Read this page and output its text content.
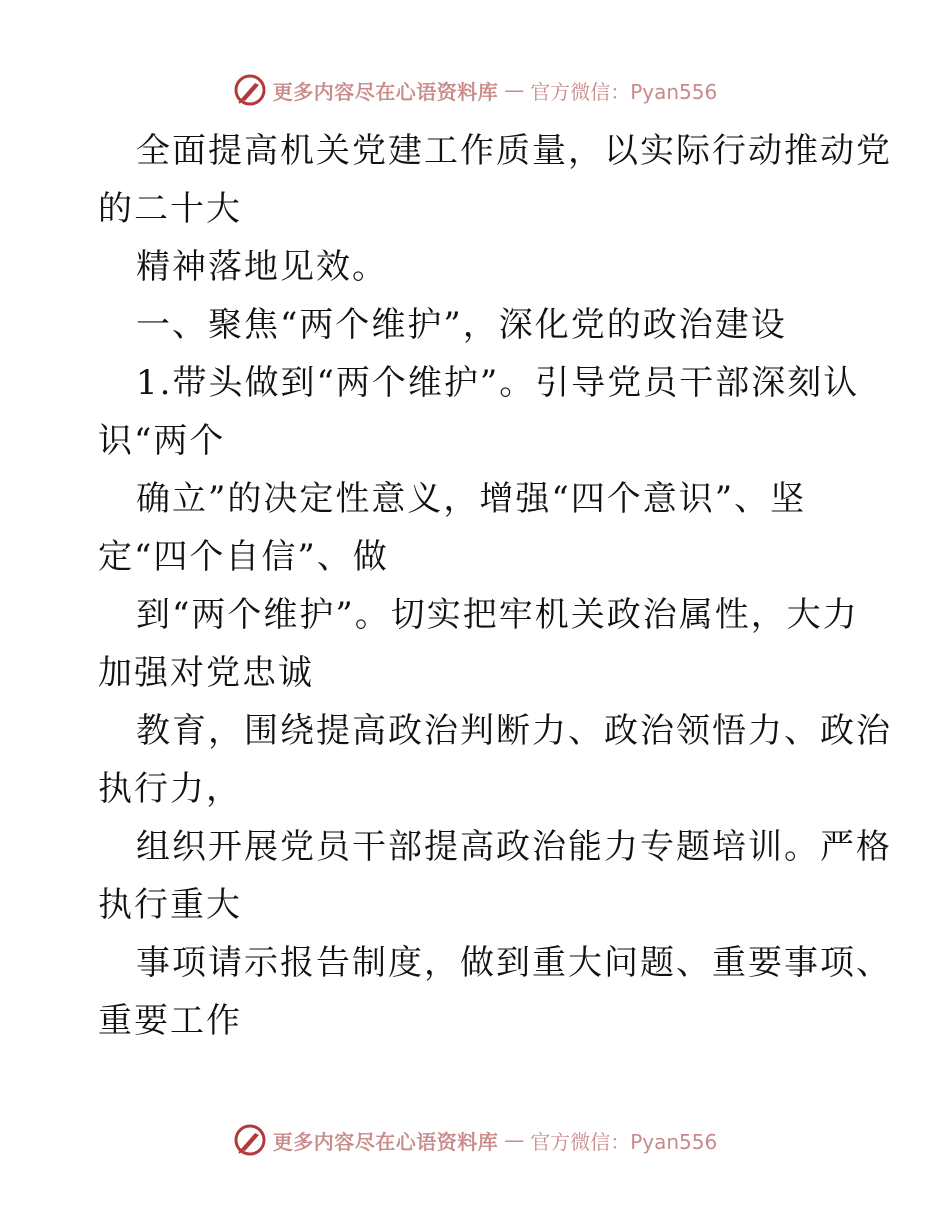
更多内容尽在心语资料库 — 官方微信：Pyan556
全面提高机关党建工作质量，以实际行动推动党
的二十大
精神落地见效。
一、聚焦“两个维护”，深化党的政治建设
1.带头做到“两个维护”。引导党员干部深刻认
识“两个
确立”的决定性意义，增强“四个意识”、坚
定“四个自信”、做
到“两个维护”。切实把牢机关政治属性，大力
加强对党忠诚
教育，围绕提高政治判断力、政治领悟力、政治
执行力，
组织开展党员干部提高政治能力专题培训。严格
执行重大
事项请示报告制度，做到重大问题、重要事项、
重要工作
更多内容尽在心语资料库 — 官方微信：Pyan556
